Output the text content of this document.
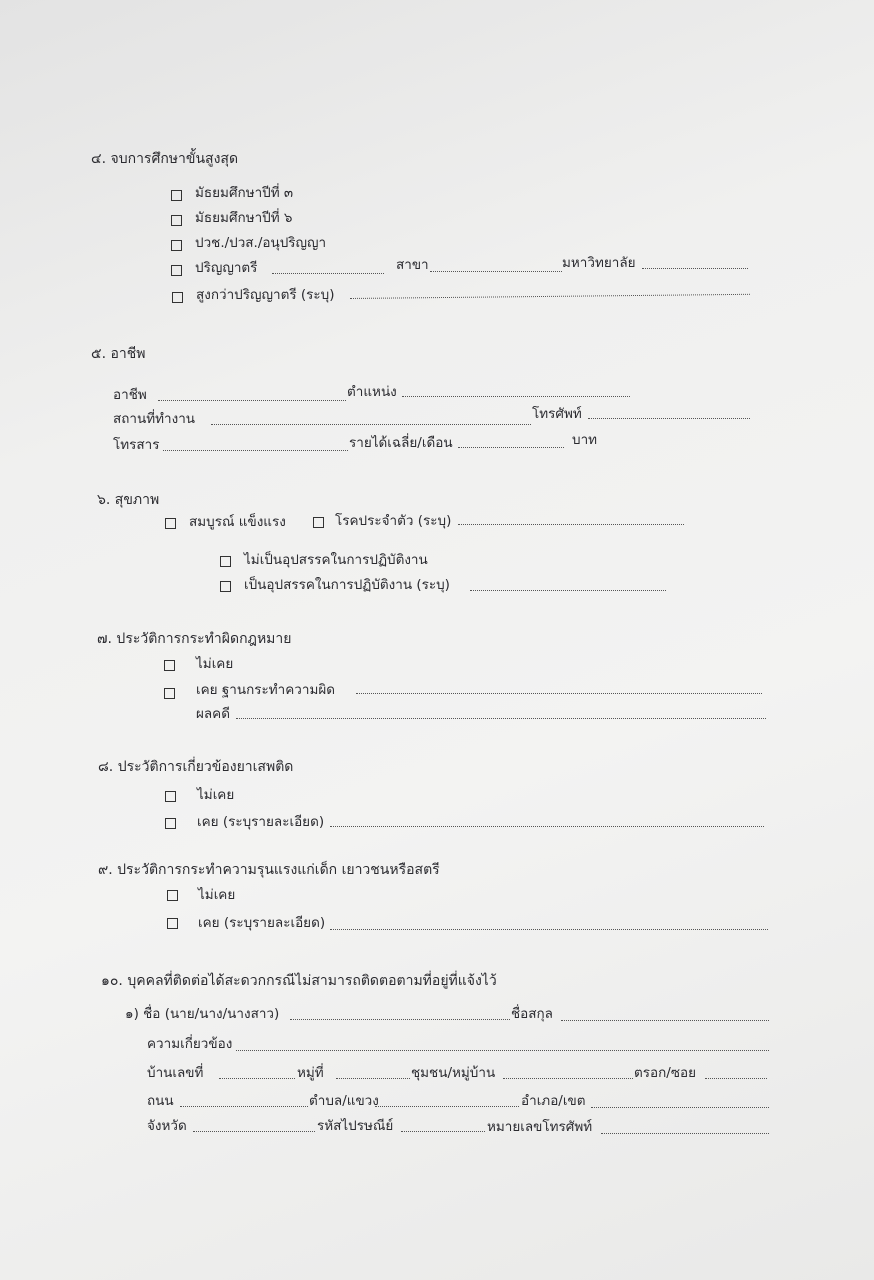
๔. จบการศึกษาขั้นสูงสุด
มัธยมศึกษาปีที่ ๓
มัธยมศึกษาปีที่ ๖
ปวช./ปวส./อนุปริญญา
ปริญญาตรี	สาขา	มหาวิทยาลัย
สูงกว่าปริญญาตรี (ระบุ)
๕. อาชีพ
อาชีพ	ตำแหน่ง
สถานที่ทำงาน	โทรศัพท์
โทรสาร	รายได้เฉลี่ย/เดือน	บาท
๖. สุขภาพ
สมบูรณ์ แข็งแรง	โรคประจำตัว (ระบุ)
ไม่เป็นอุปสรรคในการปฏิบัติงาน
เป็นอุปสรรคในการปฏิบัติงาน (ระบุ)
๗. ประวัติการกระทำผิดกฎหมาย
ไม่เคย
เคย ฐานกระทำความผิด
ผลคดี
๘. ประวัติการเกี่ยวข้องยาเสพติด
ไม่เคย
เคย (ระบุรายละเอียด)
๙. ประวัติการกระทำความรุนแรงแก่เด็ก เยาวชนหรือสตรี
ไม่เคย
เคย (ระบุรายละเอียด)
๑๐. บุคคลที่ติดต่อได้สะดวกกรณีไม่สามารถติดตอตามที่อยู่ที่แจ้งไว้
๑) ชื่อ (นาย/นาง/นางสาว)	ชื่อสกุล
ความเกี่ยวข้อง
บ้านเลขที่	หมู่ที่	ชุมชน/หมู่บ้าน	ตรอก/ซอย
ถนน	ตำบล/แขวง	อำเภอ/เขต
จังหวัด	รหัสไปรษณีย์	หมายเลขโทรศัพท์
